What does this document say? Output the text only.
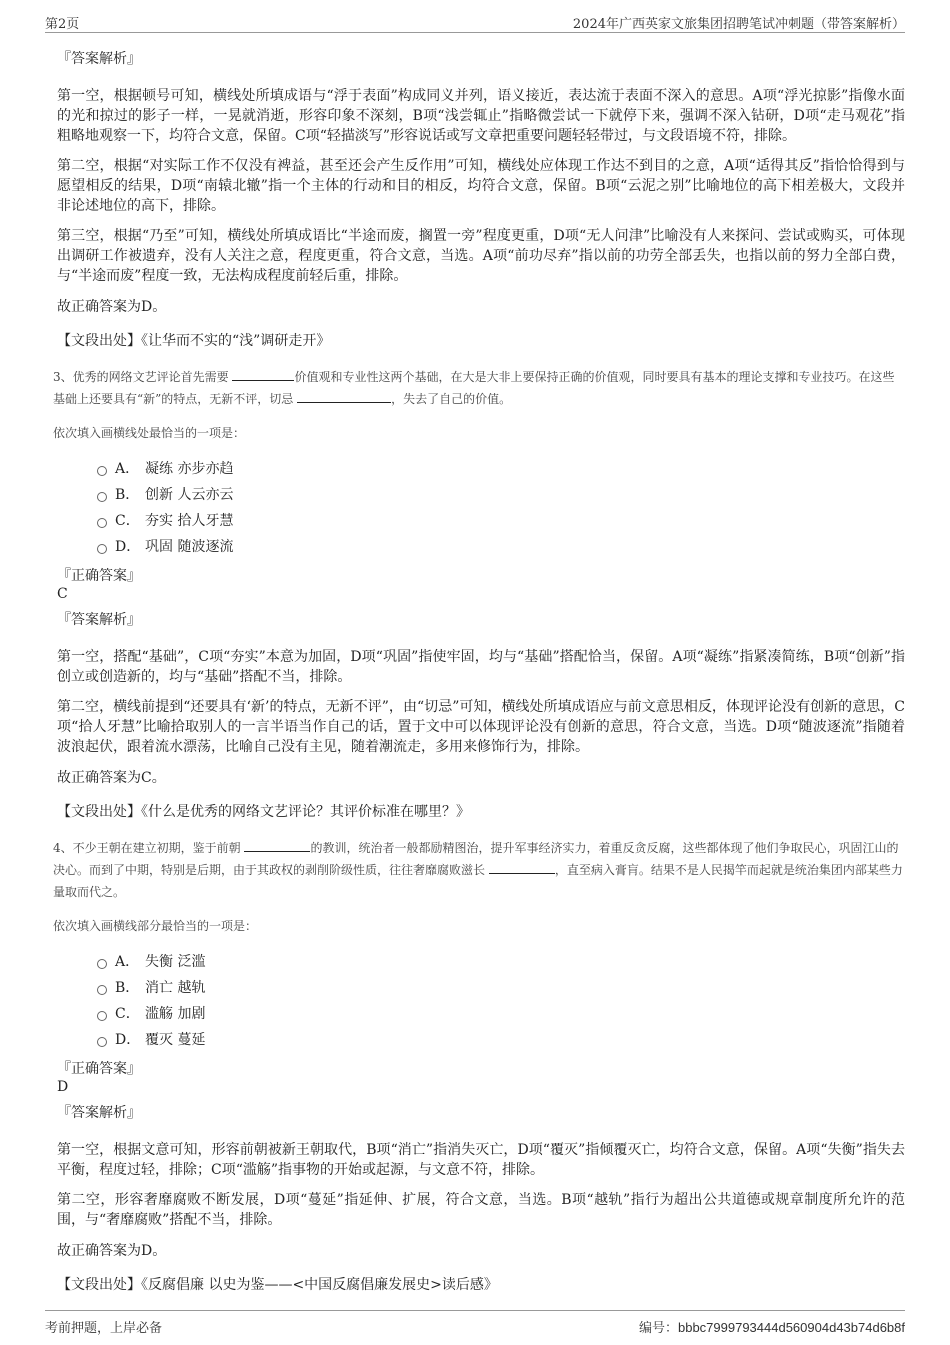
第2页	2024年广西英家文旅集团招聘笔试冲刺题（带答案解析）
『答案解析』

第一空，根据顿号可知，横线处所填成语与“浮于表面”构成同义并列，语义接近，表达流于表面不深入的意思。A项“浮光掠影”指像水面的光和掠过的影子一样，一晃就消逝，形容印象不深刻，B项“浅尝辄止”指略微尝试一下就停下来，强调不深入钻研，D项“走马观花”指粗略地观察一下，均符合文意，保留。C项“轻描淡写”形容说话或写文章把重要问题轻轻带过，与文段语境不符，排除。

第二空，根据“对实际工作不仅没有裨益，甚至还会产生反作用”可知，横线处应体现工作达不到目的之意，A项“适得其反”指恰恰得到与愿望相反的结果，D项“南辕北辙”指一个主体的行动和目的相反，均符合文意，保留。B项“云泥之别”比喻地位的高下相差极大，文段并非论述地位的高下，排除。

第三空，根据“乃至”可知，横线处所填成语比“半途而废，搁置一旁”程度更重，D项“无人问津”比喻没有人来探问、尝试或购买，可体现出调研工作被遗弃，没有人关注之意，程度更重，符合文意，当选。A项“前功尽弃”指以前的功劳全部丢失，也指以前的努力全部白费，与“半途而废”程度一致，无法构成程度前轻后重，排除。

故正确答案为D。
【文段出处】《让华而不实的“浅”调研走开》
3、优秀的网络文艺评论首先需要	价值观和专业性这两个基础，在大是大非上要保持正确的价值观，同时要具有基本的理论支撑和专业技巧。在这些基础上还要具有“新”的特点，无新不评，切忌	，失去了自己的价值。
依次填入画横线处最恰当的一项是：
A． 凝练 亦步亦趋
B． 创新 人云亦云
C． 夯实 拾人牙慧
D． 巩固 随波逐流
『正确答案』
C
『答案解析』

第一空，搭配“基础”，C项“夯实”本意为加固，D项“巩固”指使牢固，均与“基础”搭配恰当，保留。A项“凝练”指紧凑简练，B项“创新”指创立或创造新的，均与“基础”搭配不当，排除。

第二空，横线前提到“还要具有‘新’的特点，无新不评”，由“切忌”可知，横线处所填成语应与前文意思相反，体现评论没有创新的意思，C项“拾人牙慧”比喻拾取别人的一言半语当作自己的话，置于文中可以体现评论没有创新的意思，符合文意，当选。D项“随波逐流”指随着波浪起伏，跟着流水漂荡，比喻自己没有主见，随着潮流走，多用来修饰行为，排除。

故正确答案为C。
【文段出处】《什么是优秀的网络文艺评论？其评价标准在哪里？》
4、不少王朝在建立初期，鉴于前朝	的教训，统治者一般都励精图治，提升军事经济实力，着重反贪反腐，这些都体现了他们争取民心，巩固江山的决心。而到了中期，特别是后期，由于其政权的剥削阶级性质，往往奢靡腐败滋长	，直至病入膏肓。结果不是人民揭竿而起就是统治集团内部某些力量取而代之。
依次填入画横线部分最恰当的一项是：
A． 失衡 泛滥
B． 消亡 越轨
C． 滥觞 加剧
D． 覆灭 蔓延
『正确答案』
D
『答案解析』

第一空，根据文意可知，形容前朝被新王朝取代，B项“消亡”指消失灭亡，D项“覆灭”指倾覆灭亡，均符合文意，保留。A项“失衡”指失去平衡，程度过轻，排除；C项“滥觞”指事物的开始或起源，与文意不符，排除。

第二空，形容奢靡腐败不断发展，D项“蔓延”指延伸、扩展，符合文意，当选。B项“越轨”指行为超出公共道德或规章制度所允许的范围，与“奢靡腐败”搭配不当，排除。

故正确答案为D。
【文段出处】《反腐倡廉 以史为鉴——<中国反腐倡廉发展史>读后感》
考前押题，上岸必备	编号：bbbc7999793444d560904d43b74d6b8f
